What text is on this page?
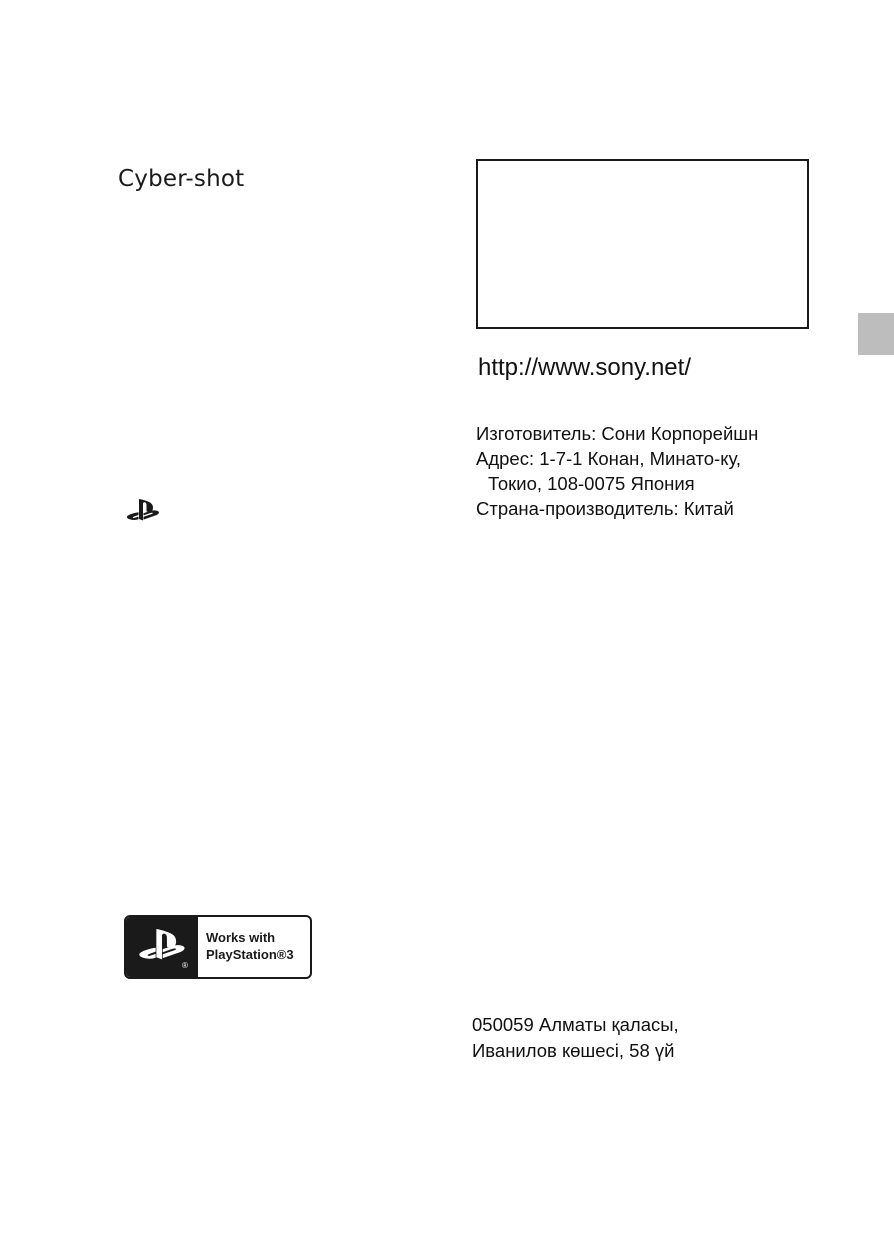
Cyber-shot
http://www.sony.net/
Изготовитель: Сони Корпорейшн
Адрес: 1-7-1 Конан, Минато-ку,
Токио, 108-0075 Япония
Страна-производитель: Китай
®
Works with
PlayStation®3
050059 Алматы қаласы,
Иванилов көшесі, 58 үй
